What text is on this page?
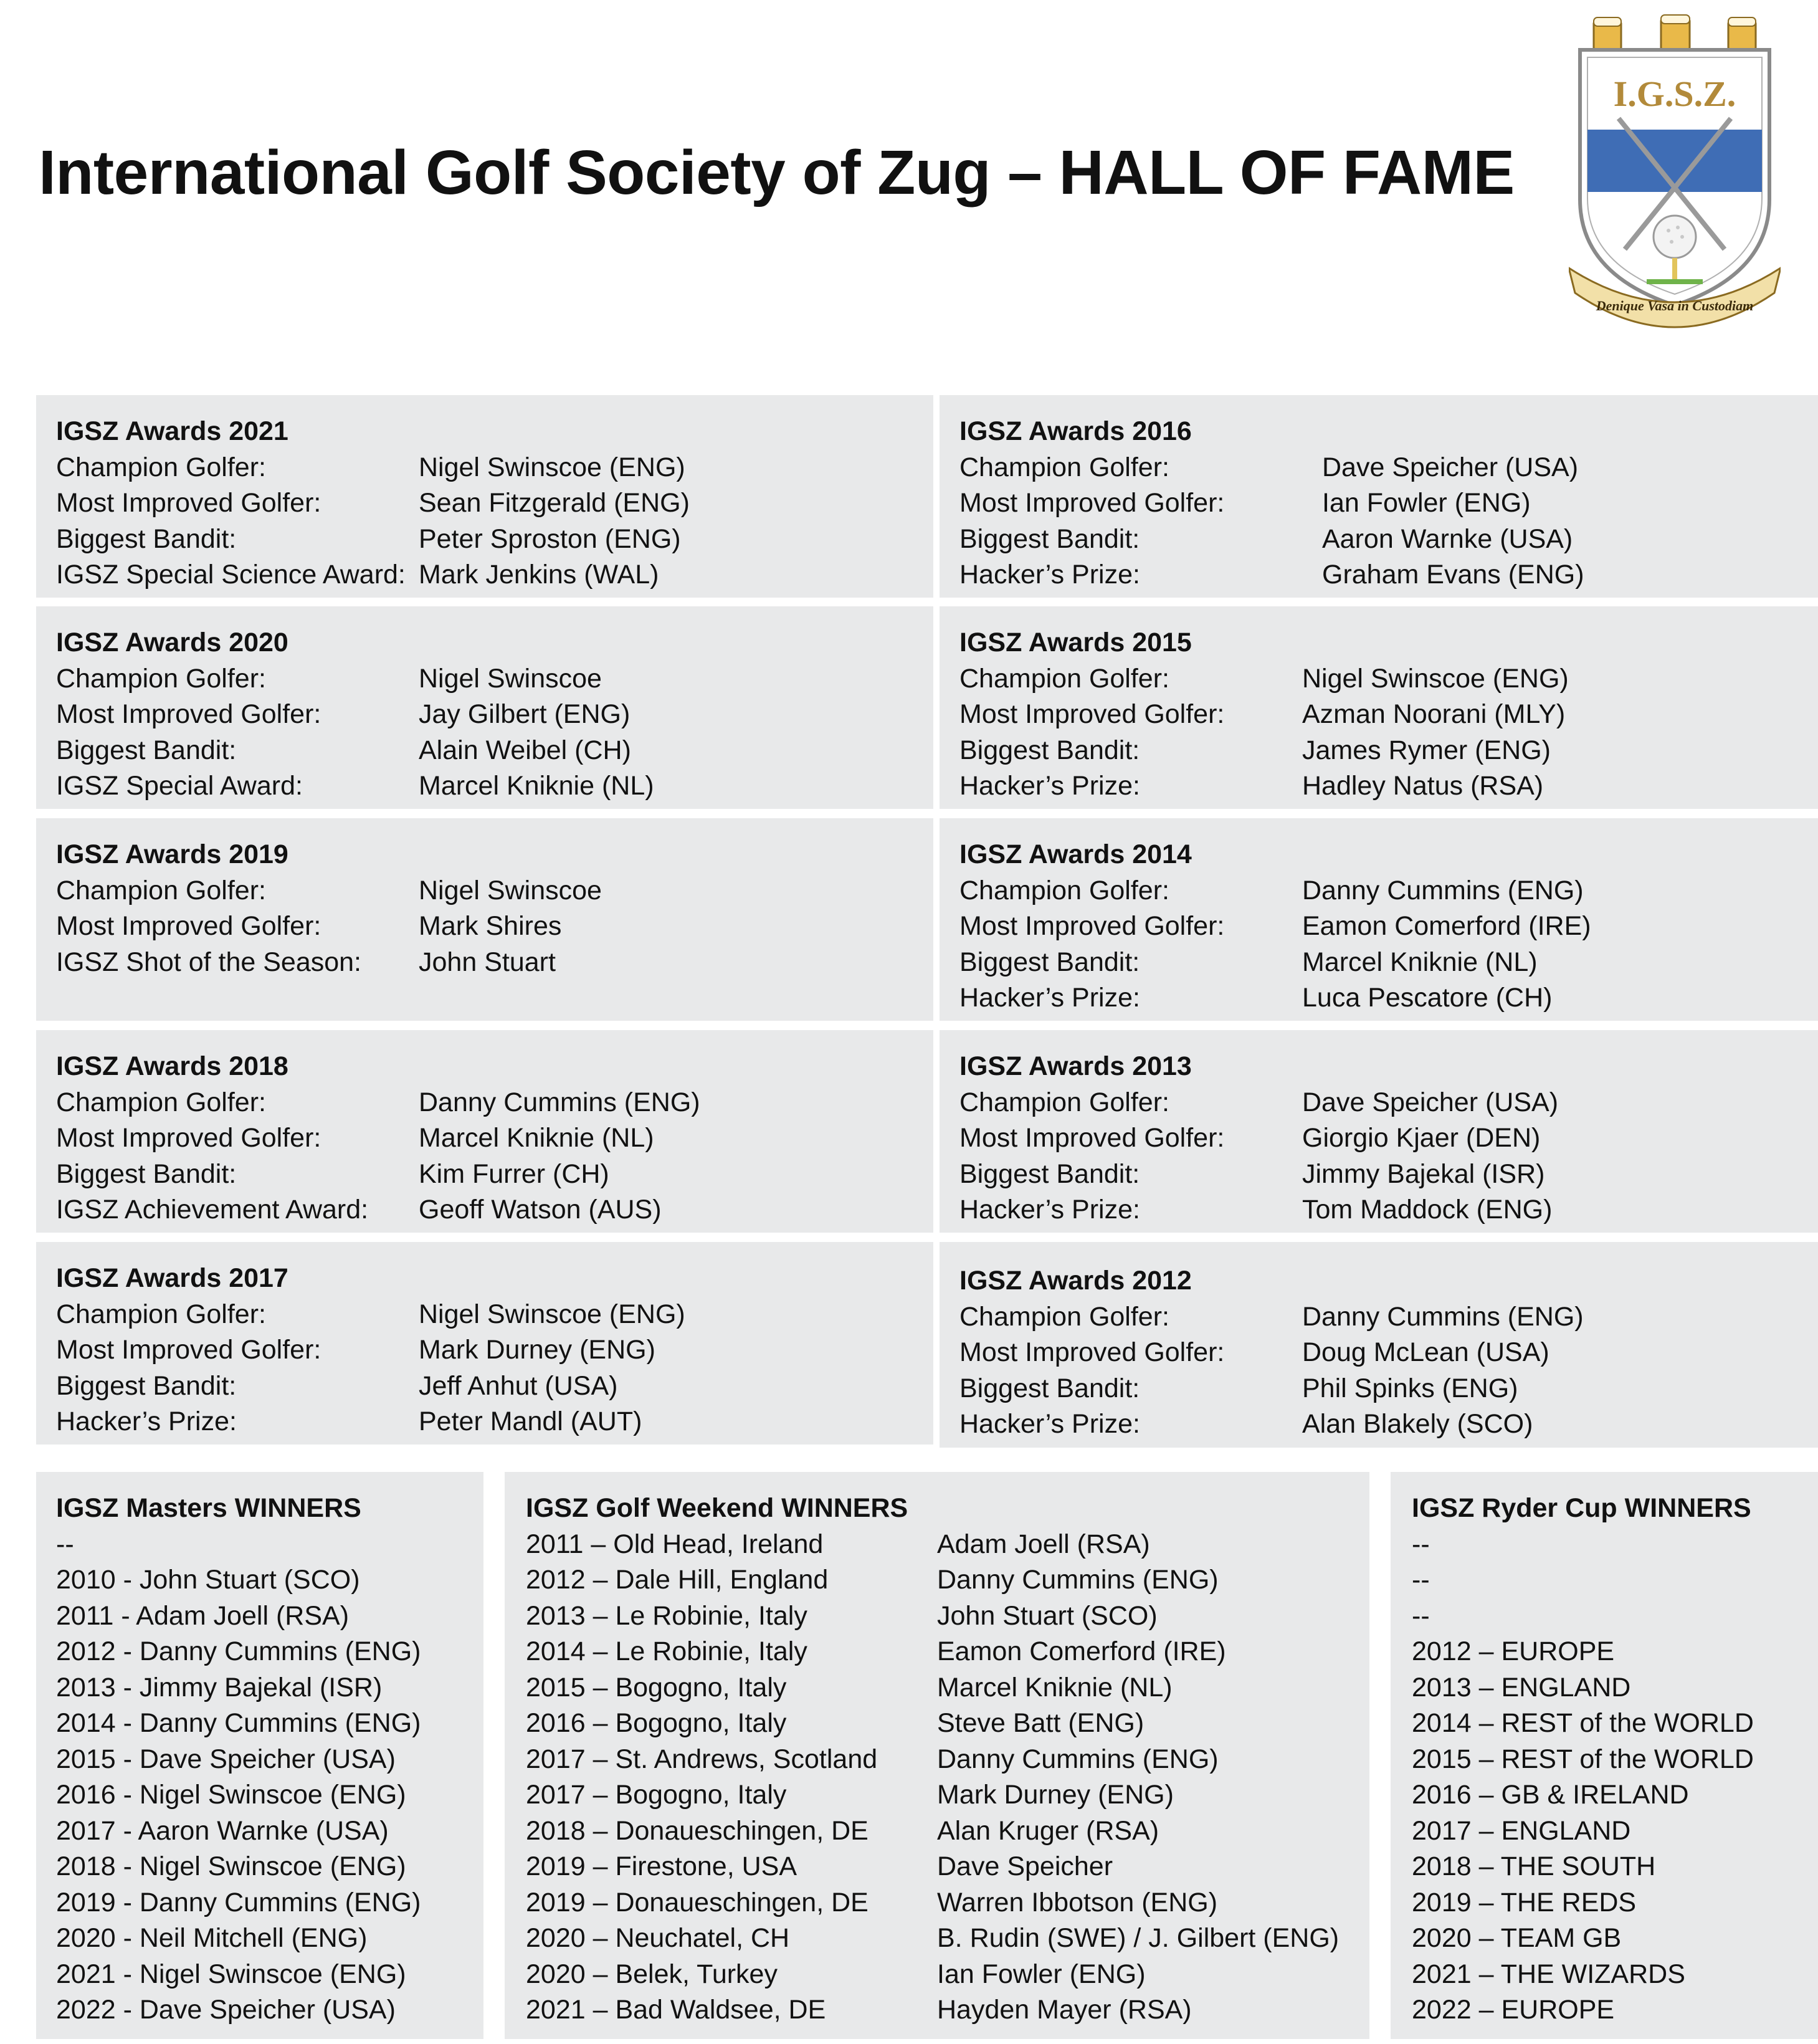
International Golf Society of Zug – HALL OF FAME
I.G.S.Z.
Denique Vasa in Custodiam
IGSZ Awards 2021
Champion Golfer:	Nigel Swinscoe (ENG)
Most Improved Golfer:	Sean Fitzgerald (ENG)
Biggest Bandit:	Peter Sproston (ENG)
IGSZ Special Science Award: Mark Jenkins (WAL)
IGSZ Awards 2020
Champion Golfer:	Nigel Swinscoe
Most Improved Golfer:	Jay Gilbert (ENG)
Biggest Bandit:	Alain Weibel (CH)
IGSZ Special Award:	Marcel Kniknie (NL)
IGSZ Awards 2019
Champion Golfer:	Nigel Swinscoe
Most Improved Golfer:	Mark Shires
IGSZ Shot of the Season:	John Stuart
IGSZ Awards 2018
Champion Golfer:	Danny Cummins (ENG)
Most Improved Golfer:	Marcel Kniknie (NL)
Biggest Bandit:	Kim Furrer (CH)
IGSZ Achievement Award:	Geoff Watson (AUS)
IGSZ Awards 2017
Champion Golfer:	Nigel Swinscoe (ENG)
Most Improved Golfer:	Mark Durney (ENG)
Biggest Bandit:	Jeff Anhut (USA)
Hacker’s Prize:	Peter Mandl (AUT)
IGSZ Awards 2016
Champion Golfer:	Dave Speicher (USA)
Most Improved Golfer:	Ian Fowler (ENG)
Biggest Bandit:	Aaron Warnke (USA)
Hacker’s Prize:	Graham Evans (ENG)
IGSZ Awards 2015
Champion Golfer:	Nigel Swinscoe (ENG)
Most Improved Golfer:	Azman Noorani (MLY)
Biggest Bandit:	James Rymer (ENG)
Hacker’s Prize:	Hadley Natus (RSA)
IGSZ Awards 2014
Champion Golfer:	Danny Cummins (ENG)
Most Improved Golfer:	Eamon Comerford (IRE)
Biggest Bandit:	Marcel Kniknie (NL)
Hacker’s Prize:	Luca Pescatore (CH)
IGSZ Awards 2013
Champion Golfer:	Dave Speicher (USA)
Most Improved Golfer:	Giorgio Kjaer (DEN)
Biggest Bandit:	Jimmy Bajekal (ISR)
Hacker’s Prize:	Tom Maddock (ENG)
IGSZ Awards 2012
Champion Golfer:	Danny Cummins (ENG)
Most Improved Golfer:	Doug McLean (USA)
Biggest Bandit:	Phil Spinks (ENG)
Hacker’s Prize:	Alan Blakely (SCO)
IGSZ Masters WINNERS
--
2010 - John Stuart (SCO)
2011 - Adam Joell (RSA)
2012 - Danny Cummins (ENG)
2013 - Jimmy Bajekal (ISR)
2014 - Danny Cummins (ENG)
2015 - Dave Speicher (USA)
2016 - Nigel Swinscoe (ENG)
2017 - Aaron Warnke (USA)
2018 - Nigel Swinscoe (ENG)
2019 - Danny Cummins (ENG)
2020 - Neil Mitchell (ENG)
2021 - Nigel Swinscoe (ENG)
2022 - Dave Speicher (USA)
IGSZ Golf Weekend WINNERS
2011 – Old Head, Ireland	Adam Joell (RSA)
2012 – Dale Hill, England	Danny Cummins (ENG)
2013 – Le Robinie, Italy	John Stuart (SCO)
2014 – Le Robinie, Italy	Eamon Comerford (IRE)
2015 – Bogogno, Italy	Marcel Kniknie (NL)
2016 – Bogogno, Italy	Steve Batt (ENG)
2017 – St. Andrews, Scotland	Danny Cummins (ENG)
2017 – Bogogno, Italy	Mark Durney (ENG)
2018 – Donaueschingen, DE	Alan Kruger (RSA)
2019 – Firestone, USA	Dave Speicher
2019 – Donaueschingen, DE	Warren Ibbotson (ENG)
2020 – Neuchatel, CH	B. Rudin (SWE) / J. Gilbert (ENG)
2020 – Belek, Turkey	Ian Fowler (ENG)
2021 – Bad Waldsee, DE	Hayden Mayer (RSA)
IGSZ Ryder Cup WINNERS
--
--
--
2012 – EUROPE
2013 – ENGLAND
2014 – REST of the WORLD
2015 – REST of the WORLD
2016 – GB & IRELAND
2017 – ENGLAND
2018 – THE SOUTH
2019 – THE REDS
2020 – TEAM GB
2021 – THE WIZARDS
2022 – EUROPE
